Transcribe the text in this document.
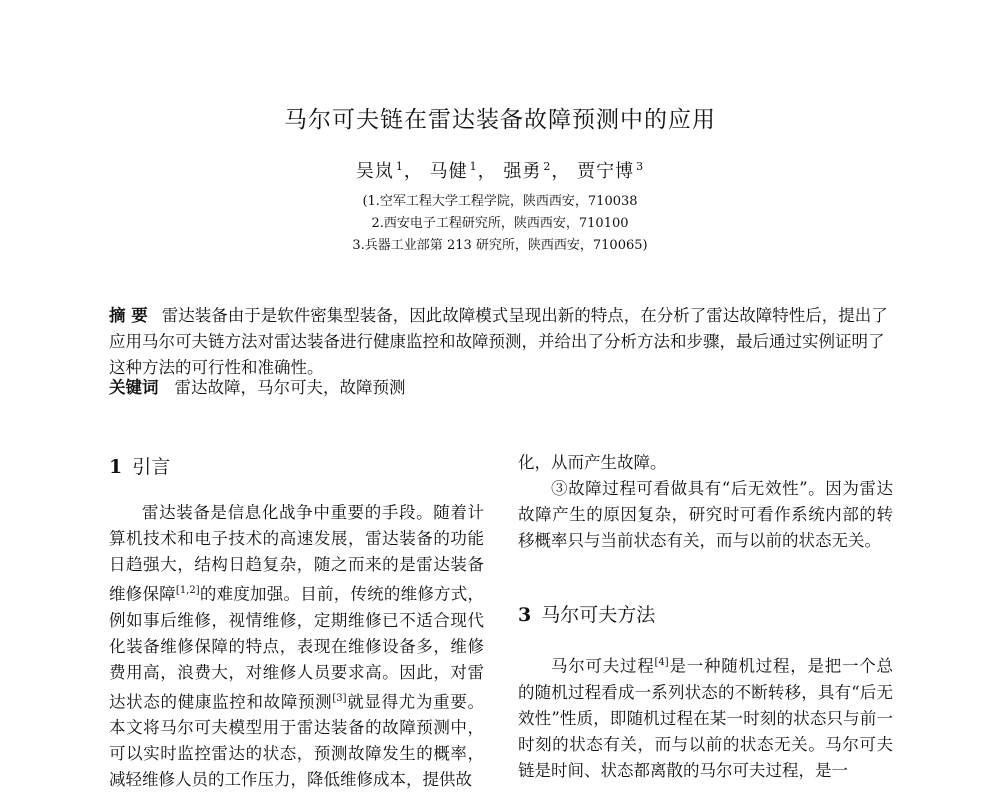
马尔可夫链在雷达装备故障预测中的应用
吴岚 $^1$， 马健 $^1$， 强勇 $^2$， 贾宁博 $^3$
(1.空军工程大学工程学院，陕西西安，710038
2.西安电子工程研究所，陕西西安，710100
3.兵器工业部第 213 研究所，陕西西安，710065)
摘 要 雷达装备由于是软件密集型装备，因此故障模式呈现出新的特点，在分析了雷达故障特性后，提出了应用马尔可夫链方法对雷达装备进行健康监控和故障预测，并给出了分析方法和步骤，最后通过实例证明了这种方法的可行性和准确性。
关键词 雷达故障，马尔可夫，故障预测
1 引言

雷达装备是信息化战争中重要的手段。随着计算机技术和电子技术的高速发展，雷达装备的功能日趋强大，结构日趋复杂，随之而来的是雷达装备维修保障[1,2]的难度加强。目前，传统的维修方式，例如事后维修，视情维修，定期维修已不适合现代化装备维修保障的特点，表现在维修设备多，维修费用高，浪费大，对维修人员要求高。因此，对雷达状态的健康监控和故障预测[3]就显得尤为重要。本文将马尔可夫模型用于雷达装备的故障预测中，可以实时监控雷达的状态，预测故障发生的概率，减轻维修人员的工作压力，降低维修成本，提供故

化，从而产生故障。

③故障过程可看做具有“后无效性”。因为雷达故障产生的原因复杂，研究时可看作系统内部的转移概率只与当前状态有关，而与以前的状态无关。

3 马尔可夫方法

马尔可夫过程[4]是一种随机过程，是把一个总的随机过程看成一系列状态的不断转移，具有“后无效性”性质，即随机过程在某一时刻的状态只与前一时刻的状态有关，而与以前的状态无关。马尔可夫链是时间、状态都离散的马尔可夫过程，是一
